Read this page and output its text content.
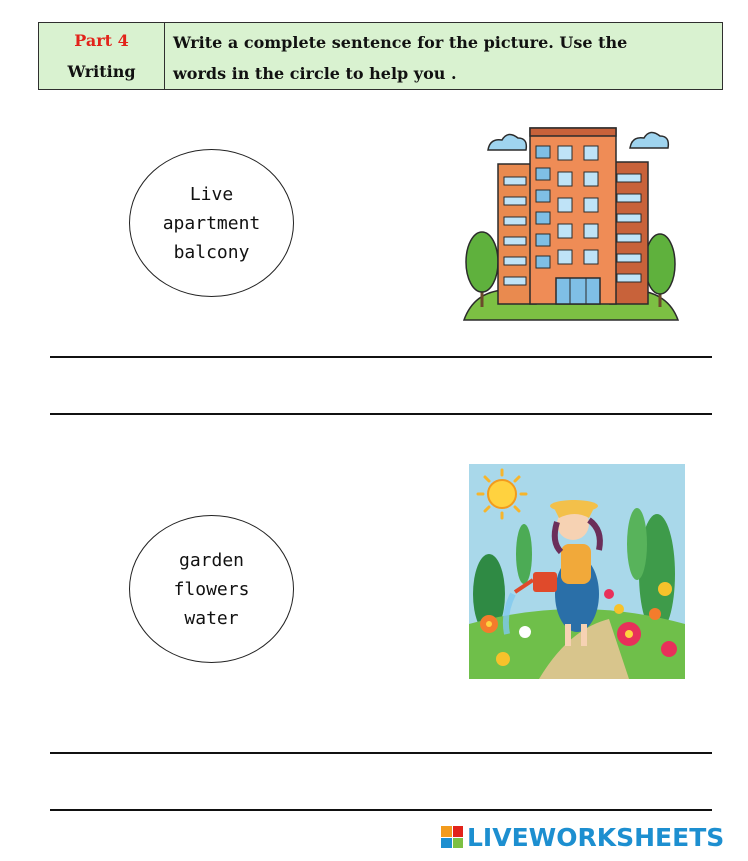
Part 4
Writing
Write a complete sentence for the picture. Use the
words in the circle to help you .
Live
apartment
balcony
garden
flowers
water
LIVEWORKSHEETS
